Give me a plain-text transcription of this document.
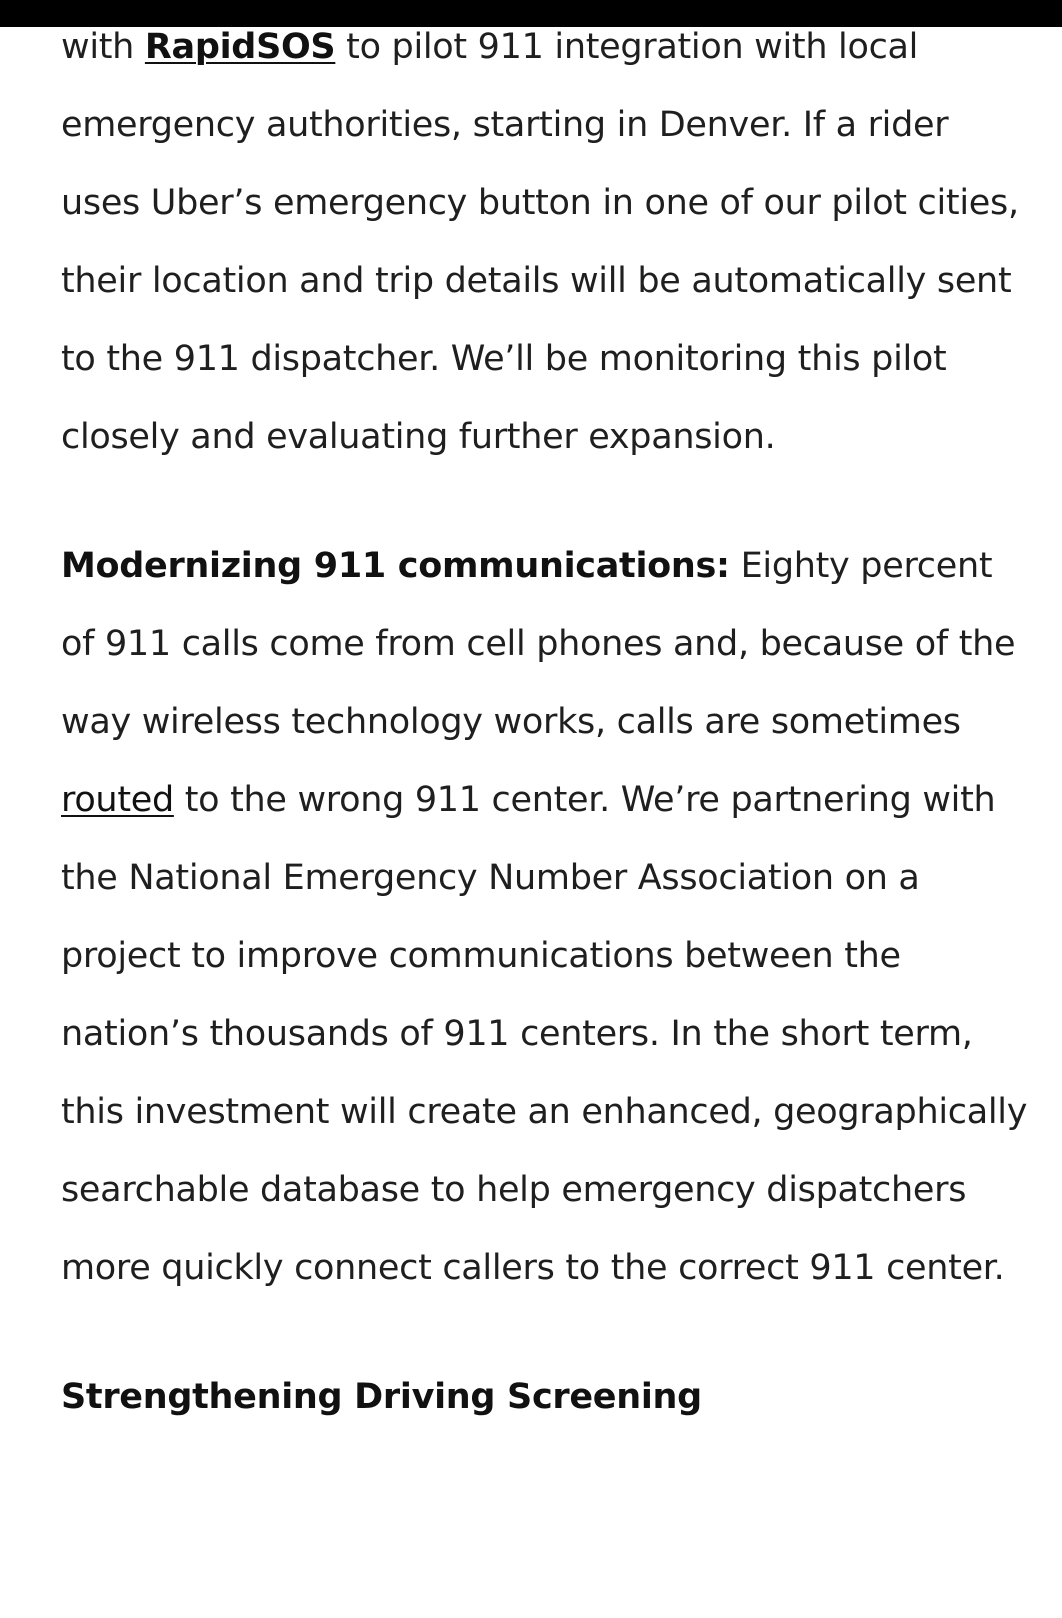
with RapidSOS to pilot 911 integration with local emergency authorities, starting in Denver. If a rider uses Uber’s emergency button in one of our pilot cities, their location and trip details will be automatically sent to the 911 dispatcher. We’ll be monitoring this pilot closely and evaluating further expansion.

Modernizing 911 communications: Eighty percent of 911 calls come from cell phones and, because of the way wireless technology works, calls are sometimes routed to the wrong 911 center. We’re partnering with the National Emergency Number Association on a project to improve communications between the nation’s thousands of 911 centers. In the short term, this investment will create an enhanced, geographically searchable database to help emergency dispatchers more quickly connect callers to the correct 911 center.

Strengthening Driving Screening
